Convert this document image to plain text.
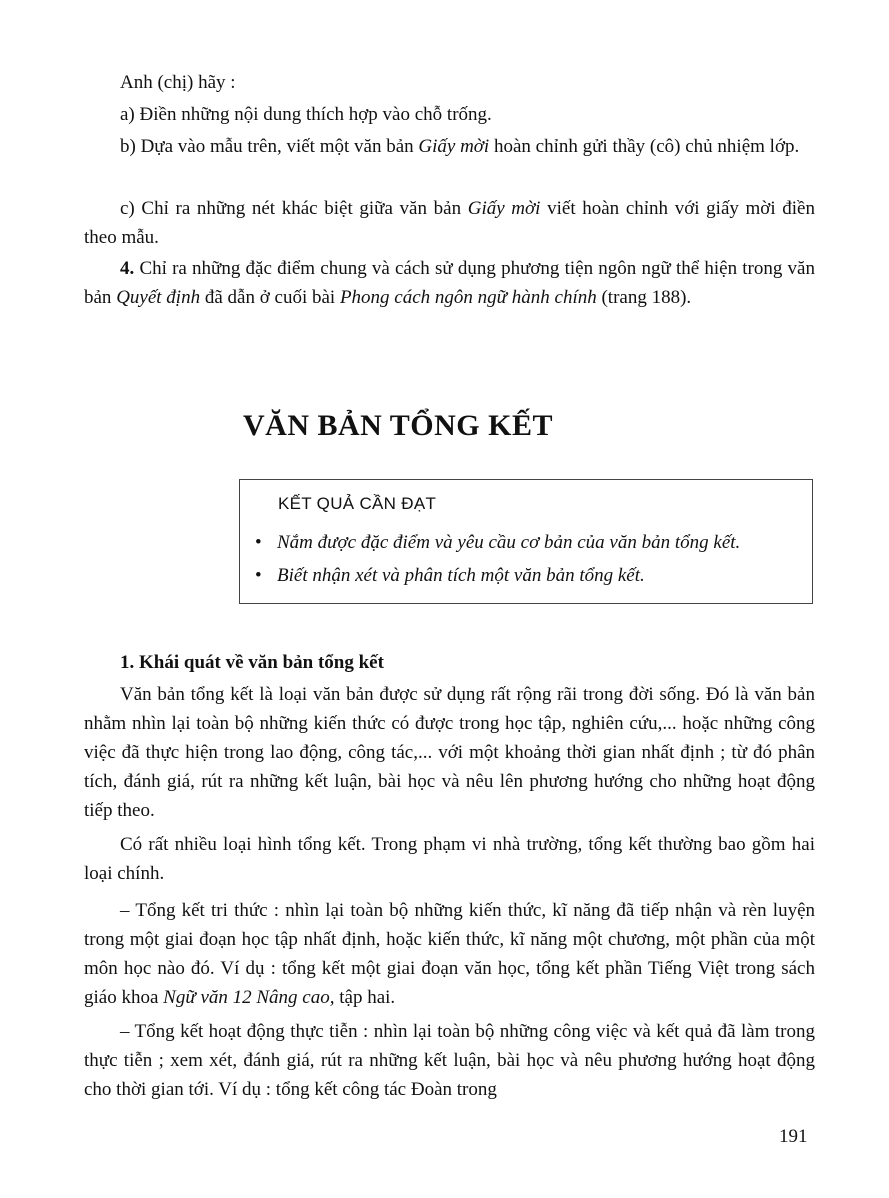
Anh (chị) hãy :

a) Điền những nội dung thích hợp vào chỗ trống.

b) Dựa vào mẫu trên, viết một văn bản Giấy mời hoàn chỉnh gửi thầy (cô) chủ nhiệm lớp.

c) Chỉ ra những nét khác biệt giữa văn bản Giấy mời viết hoàn chỉnh với giấy mời điền theo mẫu.

4. Chỉ ra những đặc điểm chung và cách sử dụng phương tiện ngôn ngữ thể hiện trong văn bản Quyết định đã dẫn ở cuối bài Phong cách ngôn ngữ hành chính (trang 188).

VĂN BẢN TỔNG KẾT

KẾT QUẢ CẦN ĐẠT

• Nắm được đặc điểm và yêu cầu cơ bản của văn bản tổng kết.

• Biết nhận xét và phân tích một văn bản tổng kết.

1. Khái quát về văn bản tổng kết

Văn bản tổng kết là loại văn bản được sử dụng rất rộng rãi trong đời sống. Đó là văn bản nhằm nhìn lại toàn bộ những kiến thức có được trong học tập, nghiên cứu,... hoặc những công việc đã thực hiện trong lao động, công tác,... với một khoảng thời gian nhất định ; từ đó phân tích, đánh giá, rút ra những kết luận, bài học và nêu lên phương hướng cho những hoạt động tiếp theo.

Có rất nhiều loại hình tổng kết. Trong phạm vi nhà trường, tổng kết thường bao gồm hai loại chính.

– Tổng kết tri thức : nhìn lại toàn bộ những kiến thức, kĩ năng đã tiếp nhận và rèn luyện trong một giai đoạn học tập nhất định, hoặc kiến thức, kĩ năng một chương, một phần của một môn học nào đó. Ví dụ : tổng kết một giai đoạn văn học, tổng kết phần Tiếng Việt trong sách giáo khoa Ngữ văn 12 Nâng cao, tập hai.

– Tổng kết hoạt động thực tiễn : nhìn lại toàn bộ những công việc và kết quả đã làm trong thực tiễn ; xem xét, đánh giá, rút ra những kết luận, bài học và nêu phương hướng hoạt động cho thời gian tới. Ví dụ : tổng kết công tác Đoàn trong

191
